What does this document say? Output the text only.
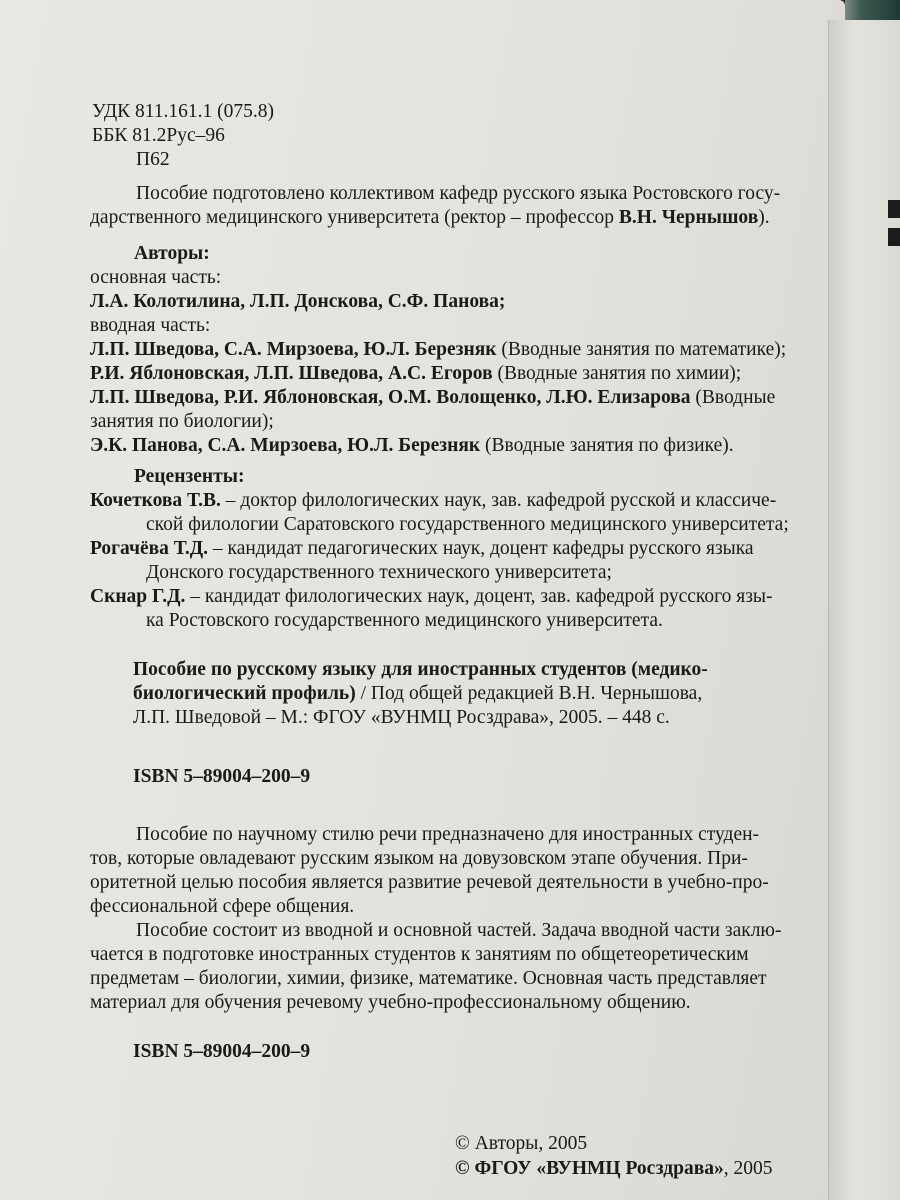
УДК 811.161.1 (075.8)
ББК 81.2Рус–96
П62
Пособие подготовлено коллективом кафедр русского языка Ростовского госу-
дарственного медицинского университета (ректор – профессор В.Н. Чернышов).
Авторы:
основная часть:
Л.А. Колотилина, Л.П. Донскова, С.Ф. Панова;
вводная часть:
Л.П. Шведова, С.А. Мирзоева, Ю.Л. Березняк (Вводные занятия по математике);
Р.И. Яблоновская, Л.П. Шведова, А.С. Егоров (Вводные занятия по химии);
Л.П. Шведова, Р.И. Яблоновская, О.М. Волощенко, Л.Ю. Елизарова (Вводные
занятия по биологии);
Э.К. Панова, С.А. Мирзоева, Ю.Л. Березняк (Вводные занятия по физике).
Рецензенты:
Кочеткова Т.В. – доктор филологических наук, зав. кафедрой русской и классиче-
ской филологии Саратовского государственного медицинского университета;
Рогачёва Т.Д. – кандидат педагогических наук, доцент кафедры русского языка
Донского государственного технического университета;
Скнар Г.Д. – кандидат филологических наук, доцент, зав. кафедрой русского язы-
ка Ростовского государственного медицинского университета.
Пособие по русскому языку для иностранных студентов (медико-
биологический профиль) / Под общей редакцией В.Н. Чернышова,
Л.П. Шведовой – М.: ФГОУ «ВУНМЦ Росздрава», 2005. – 448 с.
ISBN 5–89004–200–9
Пособие по научному стилю речи предназначено для иностранных студен-
тов, которые овладевают русским языком на довузовском этапе обучения. При-
оритетной целью пособия является развитие речевой деятельности в учебно-про-
фессиональной сфере общения.
Пособие состоит из вводной и основной частей. Задача вводной части заклю-
чается в подготовке иностранных студентов к занятиям по общетеоретическим
предметам – биологии, химии, физике, математике. Основная часть представляет
материал для обучения речевому учебно-профессиональному общению.
ISBN 5–89004–200–9
© Авторы, 2005
© ФГОУ «ВУНМЦ Росздрава», 2005
